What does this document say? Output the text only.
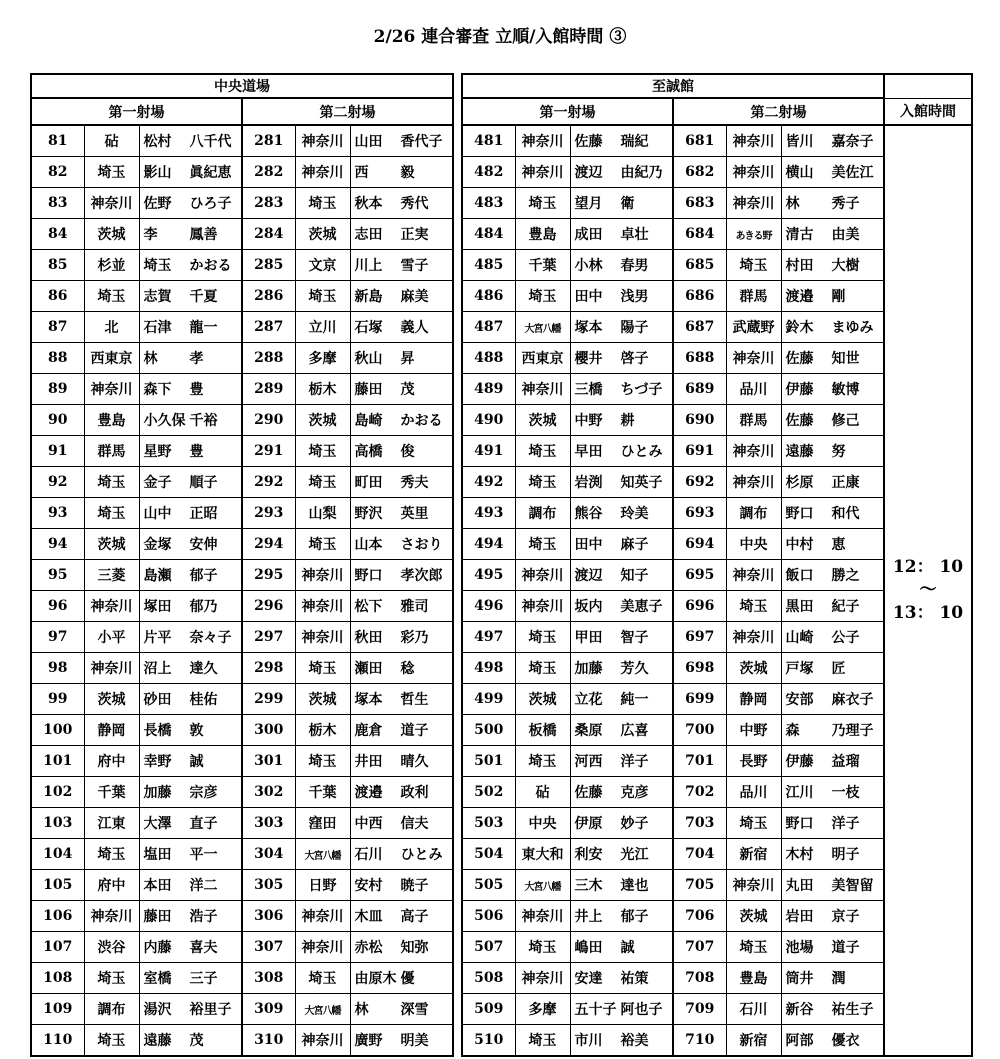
2/26 連合審査 立順/入館時間 ③
中央道場					
第一射場			第二射場		
81	砧	松村 八千代	281	神奈川	山田 香代子
82	埼玉	影山 眞紀恵	282	神奈川	西 毅
83	神奈川	佐野 ひろ子	283	埼玉	秋本 秀代
84	茨城	李 鳳善	284	茨城	志田 正実
85	杉並	埼玉 かおる	285	文京	川上 雪子
86	埼玉	志賀 千夏	286	埼玉	新島 麻美
87	北	石津 龍一	287	立川	石塚 義人
88	西東京	林 孝	288	多摩	秋山 昇
89	神奈川	森下 豊	289	栃木	藤田 茂
90	豊島	小久保 千裕	290	茨城	島崎 かおる
91	群馬	星野 豊	291	埼玉	高橋 俊
92	埼玉	金子 順子	292	埼玉	町田 秀夫
93	埼玉	山中 正昭	293	山梨	野沢 英里
94	茨城	金塚 安伸	294	埼玉	山本 さおり
95	三菱	島瀬 郁子	295	神奈川	野口 孝次郎
96	神奈川	塚田 郁乃	296	神奈川	松下 雅司
97	小平	片平 奈々子	297	神奈川	秋田 彩乃
98	神奈川	沼上 達久	298	埼玉	瀬田 稔
99	茨城	砂田 桂佑	299	茨城	塚本 哲生
100	静岡	長橋 敦	300	栃木	鹿倉 道子
101	府中	幸野 誠	301	埼玉	井田 晴久
102	千葉	加藤 宗彦	302	千葉	渡邉 政利
103	江東	大澤 直子	303	窪田	中西 信夫
104	埼玉	塩田 平一	304	大宮八幡	石川 ひとみ
105	府中	本田 洋二	305	日野	安村 暁子
106	神奈川	藤田 浩子	306	神奈川	木皿 高子
107	渋谷	内藤 喜夫	307	神奈川	赤松 知弥
108	埼玉	室橋 三子	308	埼玉	由原木 優
109	調布	湯沢 裕里子	309	大宮八幡	林 深雪
110	埼玉	遠藤 茂	310	神奈川	廣野 明美
至誠館						
第一射場			第二射場			入館時間
481	神奈川	佐藤 瑞紀	681	神奈川	皆川 嘉奈子	12： 10
〜
13： 10

482	神奈川	渡辺 由紀乃	682	神奈川	横山 美佐江	
483	埼玉	望月 衛	683	神奈川	林 秀子	
484	豊島	成田 卓壮	684	あきる野	清古 由美	
485	千葉	小林 春男	685	埼玉	村田 大樹	
486	埼玉	田中 浅男	686	群馬	渡邉 剛	
487	大宮八幡	塚本 陽子	687	武蔵野	鈴木 まゆみ	
488	西東京	櫻井 啓子	688	神奈川	佐藤 知世	
489	神奈川	三橋 ちづ子	689	品川	伊藤 敏博	
490	茨城	中野 耕	690	群馬	佐藤 修己	
491	埼玉	早田 ひとみ	691	神奈川	遠藤 努	
492	埼玉	岩渕 知英子	692	神奈川	杉原 正康	
493	調布	熊谷 玲美	693	調布	野口 和代	
494	埼玉	田中 麻子	694	中央	中村 恵	
495	神奈川	渡辺 知子	695	神奈川	飯口 勝之	
496	神奈川	坂内 美恵子	696	埼玉	黒田 紀子	
497	埼玉	甲田 智子	697	神奈川	山崎 公子	
498	埼玉	加藤 芳久	698	茨城	戸塚 匠	
499	茨城	立花 純一	699	静岡	安部 麻衣子	
500	板橋	桑原 広喜	700	中野	森 乃理子	
501	埼玉	河西 洋子	701	長野	伊藤 益瑠	
502	砧	佐藤 克彦	702	品川	江川 一枝	
503	中央	伊原 妙子	703	埼玉	野口 洋子	
504	東大和	利安 光江	704	新宿	木村 明子	
505	大宮八幡	三木 達也	705	神奈川	丸田 美智留	
506	神奈川	井上 郁子	706	茨城	岩田 京子	
507	埼玉	嶋田 誠	707	埼玉	池場 道子	
508	神奈川	安達 祐策	708	豊島	筒井 潤	
509	多摩	五十子 阿也子	709	石川	新谷 祐生子	
510	埼玉	市川 裕美	710	新宿	阿部 優衣	
